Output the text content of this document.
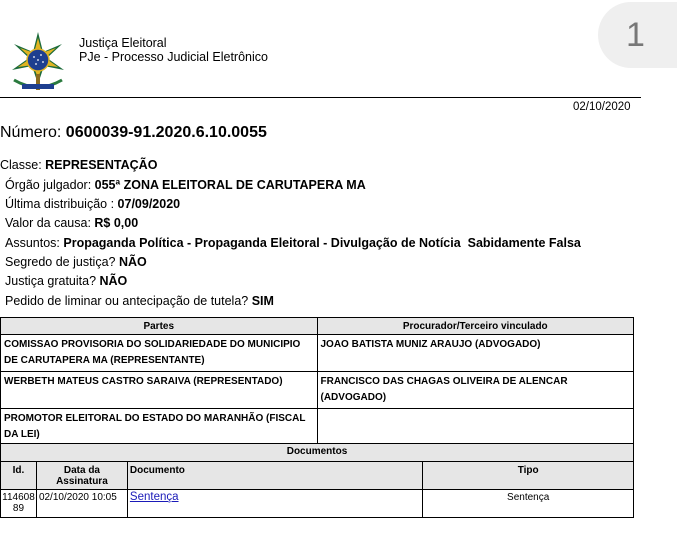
1
Justiça Eleitoral
PJe - Processo Judicial Eletrônico
02/10/2020
Número: 0600039-91.2020.6.10.0055
Classe: REPRESENTAÇÃO
Órgão julgador: 055ª ZONA ELEITORAL DE CARUTAPERA MA
Última distribuição : 07/09/2020
Valor da causa: R$ 0,00
Assuntos: Propaganda Política - Propaganda Eleitoral - Divulgação de Notícia  Sabidamente Falsa
Segredo de justiça? NÃO
Justiça gratuita? NÃO
Pedido de liminar ou antecipação de tutela? SIM
Partes	Procurador/Terceiro vinculado
COMISSAO PROVISORIA DO SOLIDARIEDADE DO MUNICIPIO DE CARUTAPERA MA (REPRESENTANTE)	JOAO BATISTA MUNIZ ARAUJO (ADVOGADO)
WERBETH MATEUS CASTRO SARAIVA (REPRESENTADO)	FRANCISCO DAS CHAGAS OLIVEIRA DE ALENCAR (ADVOGADO)
PROMOTOR ELEITORAL DO ESTADO DO MARANHÃO (FISCAL DA LEI)	
Documentos			
Id.	Data da Assinatura	Documento	Tipo
11460889	02/10/2020 10:05	Sentença	Sentença
